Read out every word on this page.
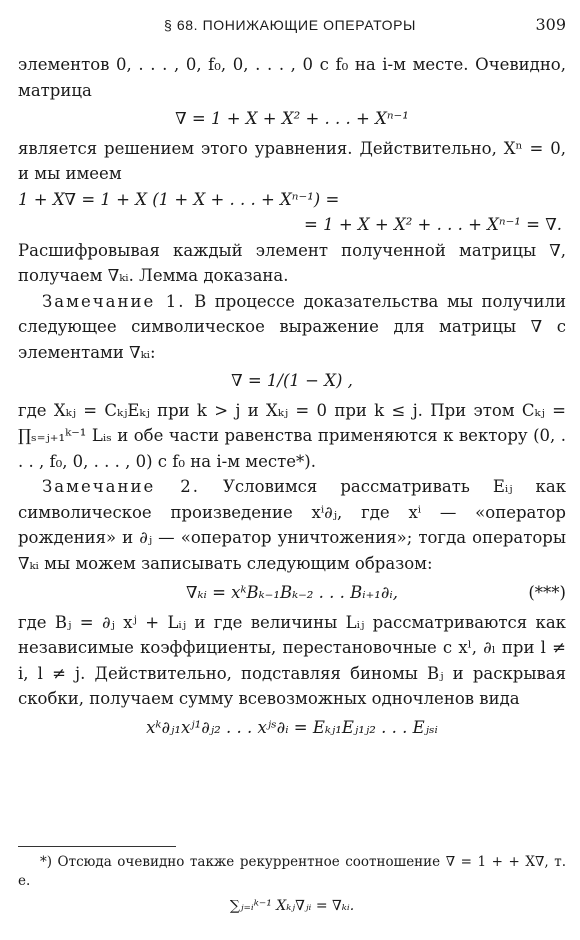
§ 68. ПОНИЖАЮЩИЕ ОПЕРАТОРЫ	309

элементов 0, . . . , 0, f₀, 0, . . . , 0 с f₀ на i-м месте. Очевидно, матрица

∇ = 1 + X + X² + . . . + Xⁿ⁻¹

является решением этого уравнения. Действительно, Xⁿ = 0, и мы имеем

1 + X∇ = 1 + X (1 + X + . . . + Xⁿ⁻¹) =
= 1 + X + X² + . . . + Xⁿ⁻¹ = ∇.

Расшифровывая каждый элемент полученной матрицы ∇, получаем ∇ₖᵢ. Лемма доказана.

Замечание 1. В процессе доказательства мы получили следующее символическое выражение для матрицы ∇ с элементами ∇ₖᵢ:

∇ = 1/(1 − X) ,

где Xₖⱼ = CₖⱼEₖⱼ при k > j и Xₖⱼ = 0 при k ≤ j. При этом Cₖⱼ = ∏ₛ₌ⱼ₊₁ᵏ⁻¹ Lᵢₛ и обе части равенства применяются к вектору (0, . . . , f₀, 0, . . . , 0) с f₀ на i-м месте*).

Замечание 2. Условимся рассматривать Eᵢⱼ как символическое произведение xⁱ∂ⱼ, где xⁱ — «оператор рождения» и ∂ⱼ — «оператор уничтожения»; тогда операторы ∇ₖᵢ мы можем записывать следующим образом:

∇ₖᵢ = xᵏBₖ₋₁Bₖ₋₂ . . . Bᵢ₊₁∂ᵢ,	(***)

где Bⱼ = ∂ⱼ xʲ + Lᵢⱼ и где величины Lᵢⱼ рассматриваются как независимые коэффициенты, перестановочные с xˡ, ∂ₗ при l ≠ i, l ≠ j. Действительно, подставляя биномы Bⱼ и раскрывая скобки, получаем сумму всевозможных одночленов вида

xᵏ∂ⱼ₁xʲ¹∂ⱼ₂ . . . xʲˢ∂ᵢ = Eₖⱼ₁Eⱼ₁ⱼ₂ . . . Eⱼₛᵢ

*) Отсюда очевидно также рекуррентное соотношение ∇ = 1 + + X∇, т. е.

∑ⱼ₌ᵢᵏ⁻¹ Xₖⱼ∇ⱼᵢ = ∇ₖᵢ.
